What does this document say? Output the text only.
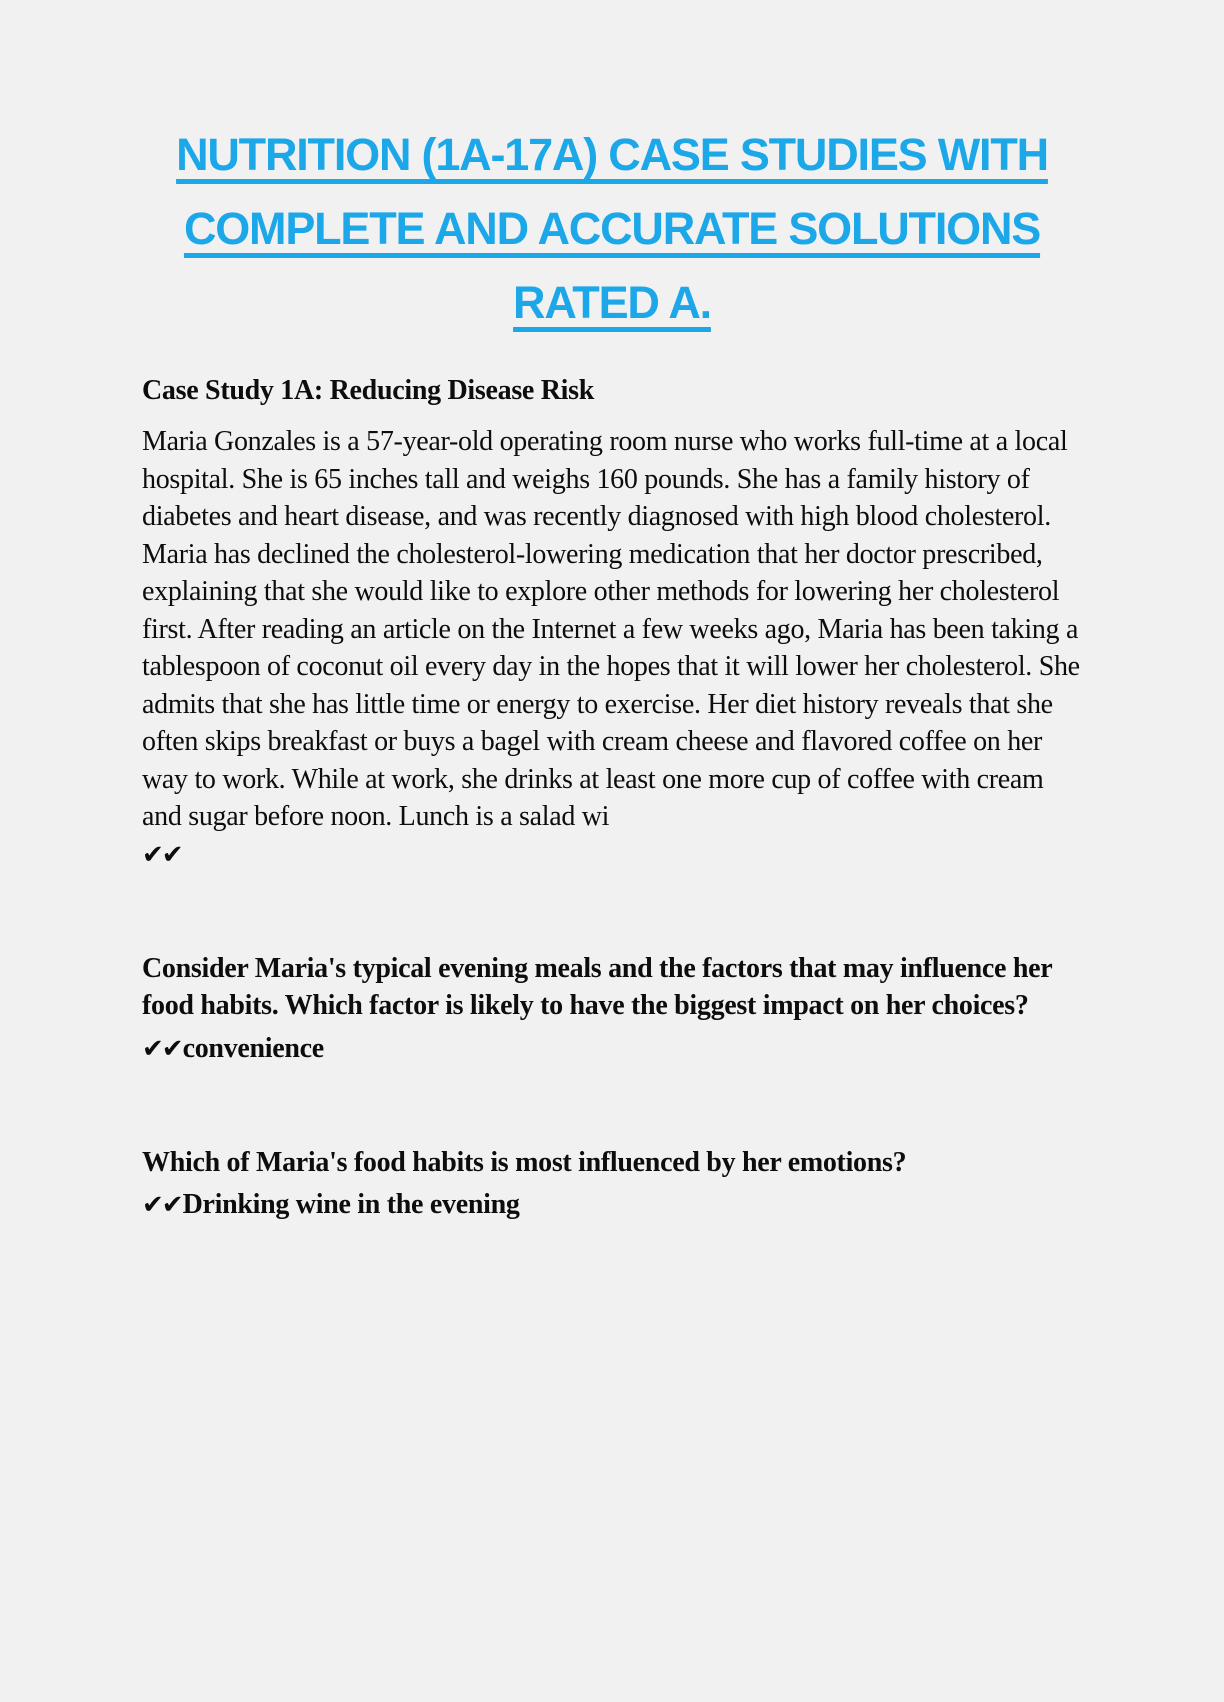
NUTRITION (1A-17A) CASE STUDIES WITH
COMPLETE AND ACCURATE SOLUTIONS
RATED A.
Case Study 1A: Reducing Disease Risk

Maria Gonzales is a 57-year-old operating room nurse who works full-time at a local hospital. She is 65 inches tall and weighs 160 pounds. She has a family history of diabetes and heart disease, and was recently diagnosed with high blood cholesterol. Maria has declined the cholesterol-lowering medication that her doctor prescribed, explaining that she would like to explore other methods for lowering her cholesterol first. After reading an article on the Internet a few weeks ago, Maria has been taking a tablespoon of coconut oil every day in the hopes that it will lower her cholesterol. She admits that she has little time or energy to exercise. Her diet history reveals that she often skips breakfast or buys a bagel with cream cheese and flavored coffee on her way to work. While at work, she drinks at least one more cup of coffee with cream and sugar before noon. Lunch is a salad wi

✔✔

Consider Maria's typical evening meals and the factors that may influence her food habits. Which factor is likely to have the biggest impact on her choices?

✔✔convenience

Which of Maria's food habits is most influenced by her emotions?

✔✔Drinking wine in the evening
